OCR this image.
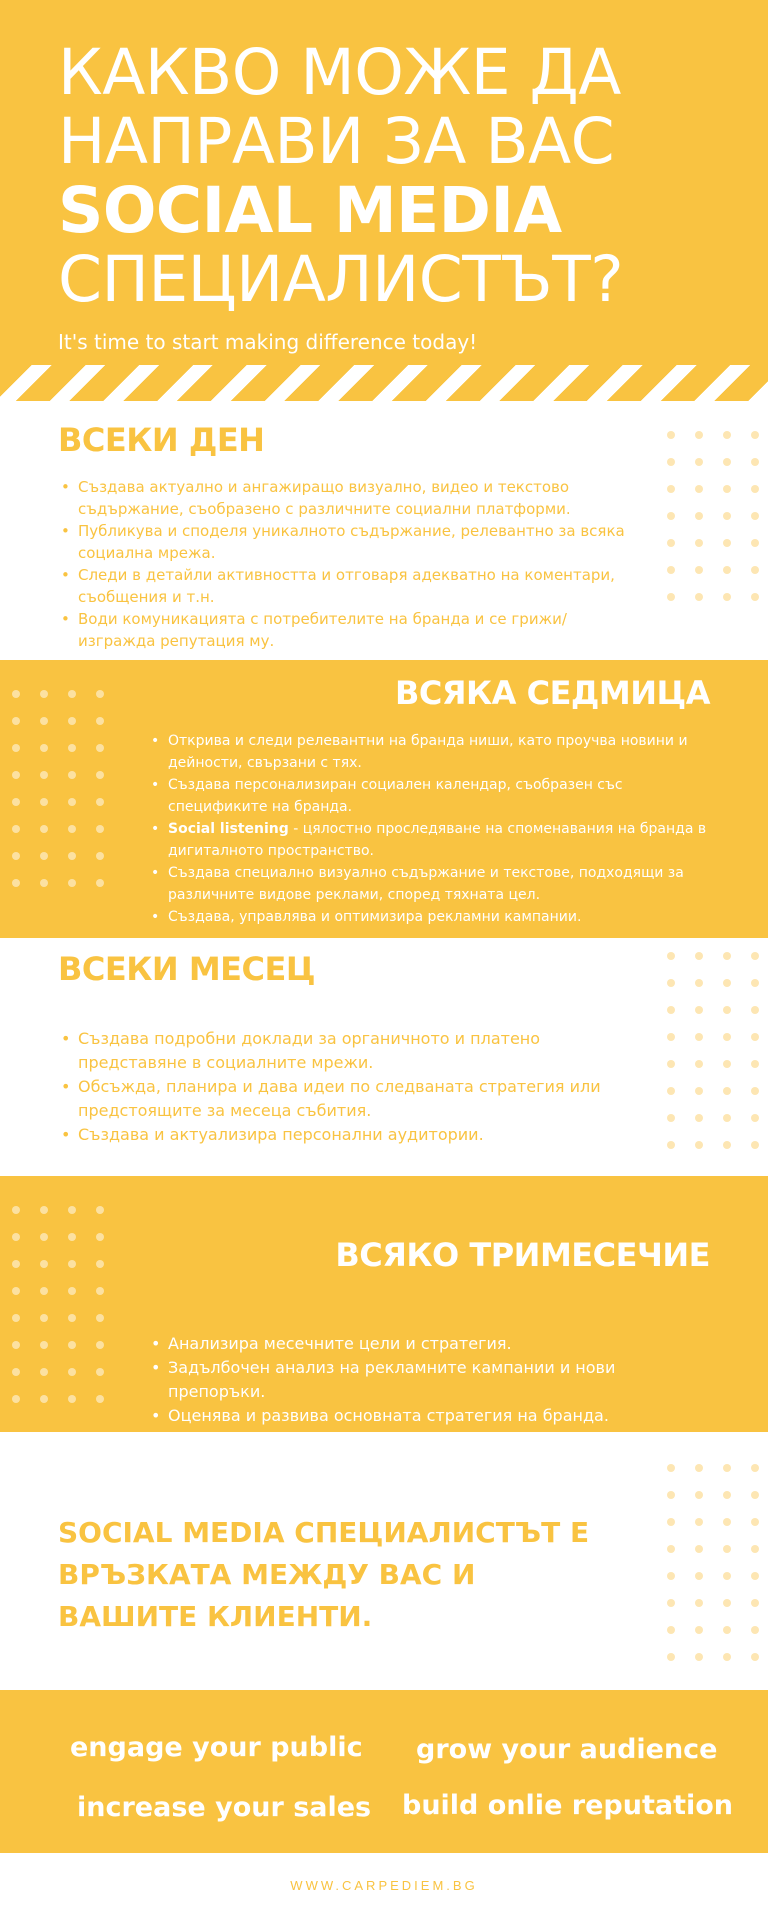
КАКВО МОЖЕ ДА
НАПРАВИ ЗА ВАС
SOCIAL MEDIA
СПЕЦИАЛИСТЪТ?
It's time to start making difference today!
ВСЕКИ ДЕН
• Създава актуално и ангажиращо визуално, видео и текстово съдържание, съобразено с различните социални платформи.
• Публикува и споделя уникалното съдържание, релевантно за всяка социална мрежа.
• Следи в детайли активността и отговаря адекватно на коментари, съобщения и т.н.
• Води комуникацията с потребителите на бранда и се грижи/изгражда репутация му.
ВСЯКА СЕДМИЦА
• Открива и следи релевантни на бранда ниши, като проучва новини и дейности, свързани с тях.
• Създава персонализиран социален календар, съобразен със спецификите на бранда.
• Social listening - цялостно проследяване на споменавания на бранда в дигиталното пространство.
• Създава специално визуално съдържание и текстове, подходящи за различните видове реклами, според тяхната цел.
• Създава, управлява и оптимизира рекламни кампании.
ВСЕКИ МЕСЕЦ
• Създава подробни доклади за органичното и платено представяне в социалните мрежи.
• Обсъжда, планира и дава идеи по следваната стратегия или предстоящите за месеца събития.
• Създава и актуализира персонални аудитории.
ВСЯКО ТРИМЕСЕЧИЕ
• Анализира месечните цели и стратегия.
• Задълбочен анализ на рекламните кампании и нови препоръки.
• Оценява и развива основната стратегия на бранда.

SOCIAL MEDIA СПЕЦИАЛИСТЪТ Е ВРЪЗКАТА МЕЖДУ ВАС И ВАШИТЕ КЛИЕНТИ.

engage your public grow your audience
increase your sales build onlie reputation
WWW.CARPEDIEM.BG
